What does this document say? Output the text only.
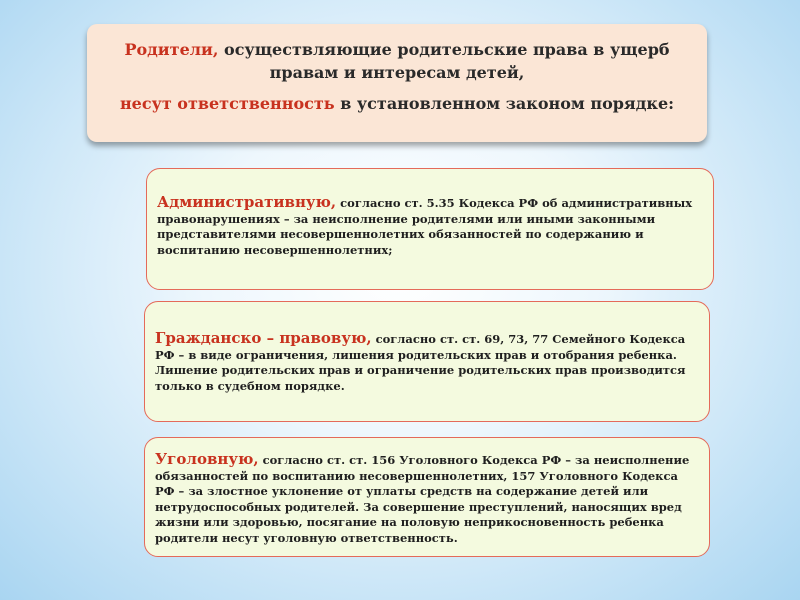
Родители, осуществляющие родительские права в ущерб
правам и интересам детей,
несут ответственность в установленном законом порядке:
Административную, согласно ст. 5.35 Кодекса РФ об административных правонарушениях – за неисполнение родителями или иными законными представителями несовершеннолетних обязанностей по содержанию и воспитанию несовершеннолетних;
Гражданско – правовую, согласно ст. ст. 69, 73, 77 Семейного Кодекса РФ – в виде ограничения, лишения родительских прав и отобрания ребенка. Лишение родительских прав и ограничение родительских прав производится только в судебном порядке.
Уголовную, согласно ст. ст. 156 Уголовного Кодекса РФ – за неисполнение обязанностей по воспитанию несовершеннолетних, 157 Уголовного Кодекса РФ – за злостное уклонение от уплаты средств на содержание детей или нетрудоспособных родителей. За совершение преступлений, наносящих вред жизни или здоровью, посягание на половую неприкосновенность ребенка родители несут уголовную ответственность.
